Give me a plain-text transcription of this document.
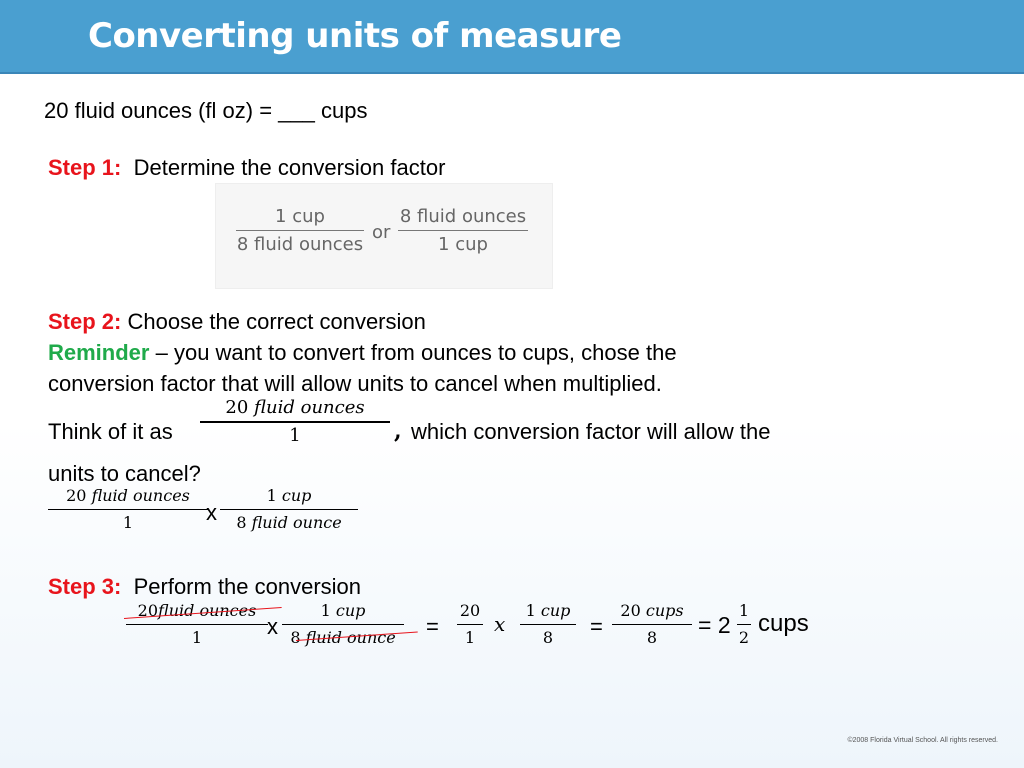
Converting units of measure
20 fluid ounces (fl oz) = ___ cups
Step 1: Determine the conversion factor
1 cup
8 fluid ounces
or
8 fluid ounces
1 cup
Step 2: Choose the correct conversion
Reminder – you want to convert from ounces to cups, chose the
conversion factor that will allow units to cancel when multiplied.
Think of it as
20 fluid ounces
1	, which conversion factor will allow the
units to cancel?
20 fluid ounces
1	x
1 cup
8 fluid ounce
Step 3: Perform the conversion
20fluid ounces
1	x
1 cup
8 fluid ounce =
20
1
x
1 cup
8 =
20 cups
8 = 2
1
2
cups
©2008 Florida Virtual School. All rights reserved.
